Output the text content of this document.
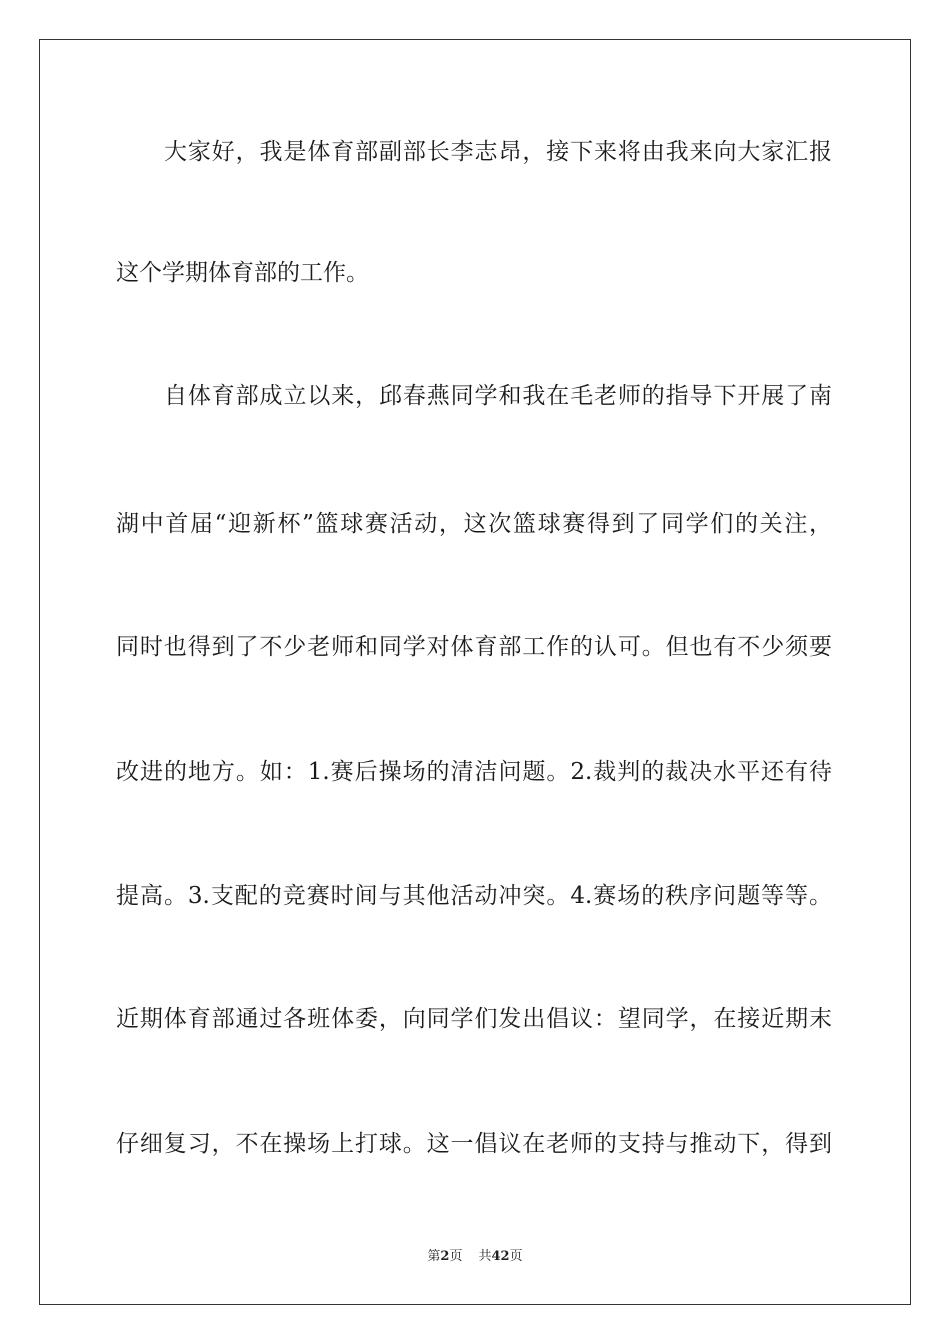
大家好，我是体育部副部长李志昂，接下来将由我来向大家汇报
这个学期体育部的工作。
自体育部成立以来，邱春燕同学和我在毛老师的指导下开展了南
湖中首届“迎新杯”篮球赛活动，这次篮球赛得到了同学们的关注，
同时也得到了不少老师和同学对体育部工作的认可。但也有不少须要
改进的地方。如：1.赛后操场的清洁问题。2.裁判的裁决水平还有待
提高。3.支配的竞赛时间与其他活动冲突。4.赛场的秩序问题等等。
近期体育部通过各班体委，向同学们发出倡议：望同学，在接近期末
仔细复习，不在操场上打球。这一倡议在老师的支持与推动下，得到
第2页 共42页
